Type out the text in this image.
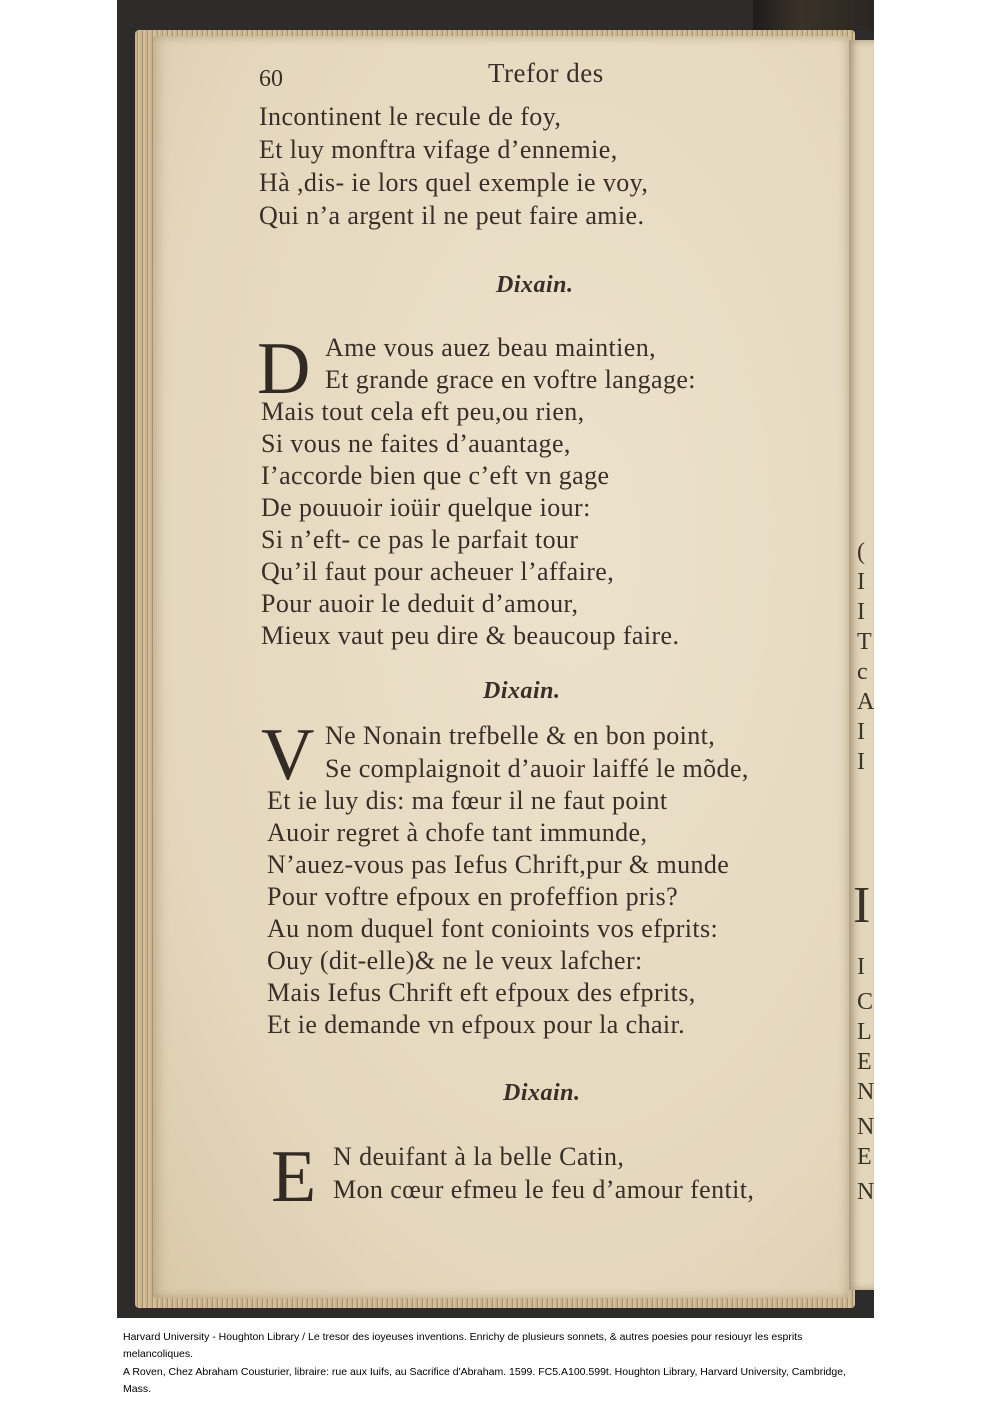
(
I
I
T
c
A
I
I
I
I
C
L
E
N
N
E
N
60	Trefor des
Incontinent le recule de foy,
Et luy monftra vifage d’ennemie,
Hà ,dis- ie lors quel exemple ie voy,
Qui n’a argent il ne peut faire amie.
Dixain.
D Ame vous auez beau maintien,
Et grande grace en voftre langage:
Mais tout cela eft peu,ou rien,
Si vous ne faites d’auantage,
I’accorde bien que c’eft vn gage
De pouuoir ioüir quelque iour:
Si n’eft- ce pas le parfait tour
Qu’il faut pour acheuer l’affaire,
Pour auoir le deduit d’amour,
Mieux vaut peu dire & beaucoup faire.
Dixain.
V Ne Nonain trefbelle & en bon point,
Se complaignoit d’auoir laiffé le mõde,
Et ie luy dis: ma fœur il ne faut point
Auoir regret à chofe tant immunde,
N’auez-vous pas Iefus Chrift,pur & munde
Pour voftre efpoux en profeffion pris?
Au nom duquel font conioints vos efprits:
Ouy (dit-elle)& ne le veux lafcher:
Mais Iefus Chrift eft efpoux des efprits,
Et ie demande vn efpoux pour la chair.
Dixain.
E N deuifant à la belle Catin,
Mon cœur efmeu le feu d’amour fentit,
Harvard University - Houghton Library / Le tresor des ioyeuses inventions. Enrichy de plusieurs sonnets, & autres poesies pour resiouyr les esprits melancoliques.
A Roven, Chez Abraham Cousturier, libraire: rue aux Iuifs, au Sacrifice d'Abraham. 1599. FC5.A100.599t. Houghton Library, Harvard University, Cambridge, Mass.
